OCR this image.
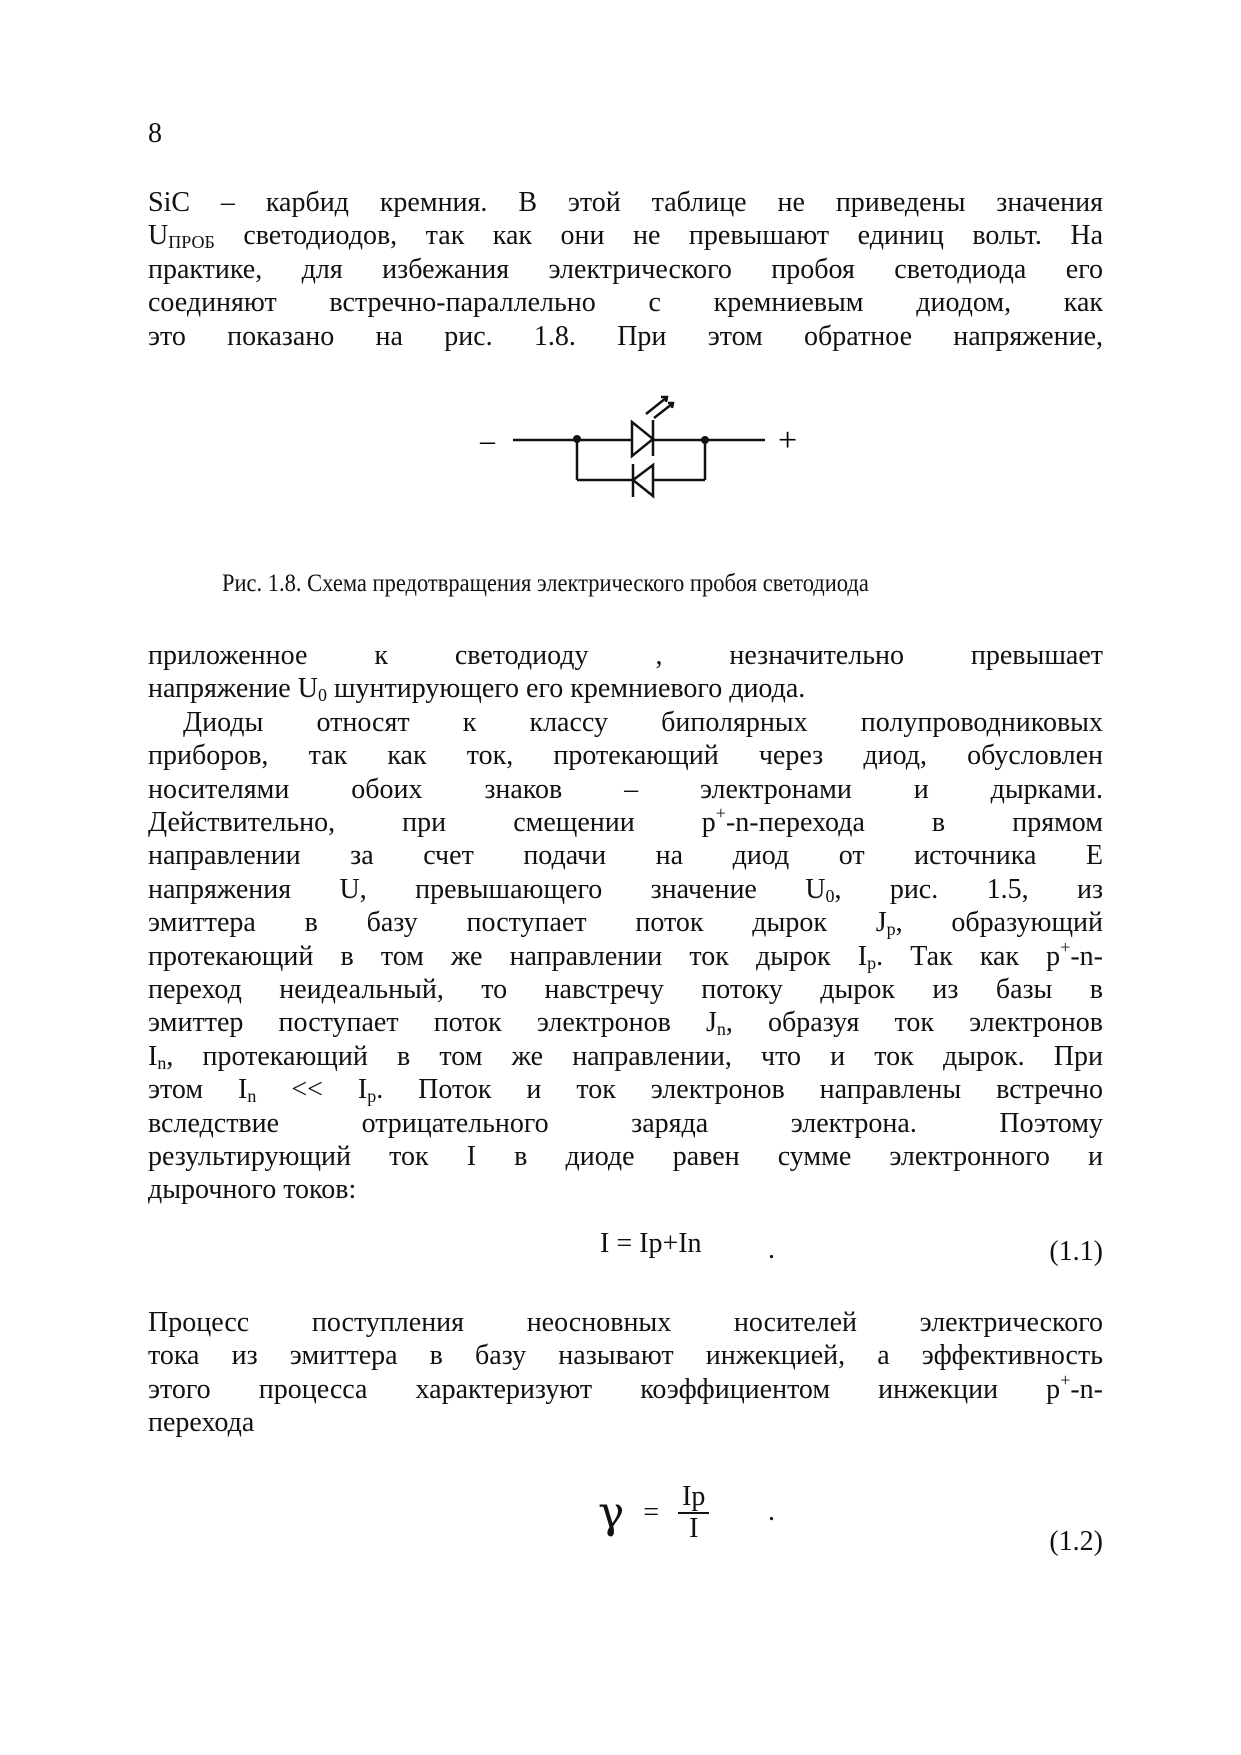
8
SiC – карбид кремния. В этой таблице не приведены значения
$U_{ПРОБ}$ светодиодов, так как они не превышают единиц вольт. На
практике, для избежания электрического пробоя светодиода его
соединяют встречно-параллельно с кремниевым диодом, как
это показано на рис. 1.8. При этом обратное напряжение,
–	+
Рис. 1.8. Схема предотвращения электрического пробоя светодиода
приложенное к светодиоду , незначительно превышает
напряжение $U_0$ шунтирующего его кремниевого диода.
Диоды относят к классу биполярных полупроводниковых
приборов, так как ток, протекающий через диод, обусловлен
носителями обоих знаков – электронами и дырками.
Действительно, при смещении p+-n-перехода в прямом
направлении за счет подачи на диод от источника Е
напряжения U, превышающего значение $U_0$, рис. 1.5, из
эмиттера в базу поступает поток дырок $J_p$, образующий
протекающий в том же направлении ток дырок $I_p$. Так как p+-n-
переход неидеальный, то навстречу потоку дырок из базы в
эмиттер поступает поток электронов $J_n$, образуя ток электронов
$I_n$, протекающий в том же направлении, что и ток дырок. При
этом $I_n << I_p$. Поток и ток электронов направлены встречно
вследствие отрицательного заряда электрона. Поэтому
результирующий ток I в диоде равен сумме электронного и
дырочного токов:
I = Ip+In .	(1.1)
Процесс поступления неосновных носителей электрического
тока из эмиттера в базу называют инжекцией, а эффективность
этого процесса характеризуют коэффициентом инжекции p+-n-
перехода
$\gamma = \frac{Ip}{I}$ .
(1.2)
